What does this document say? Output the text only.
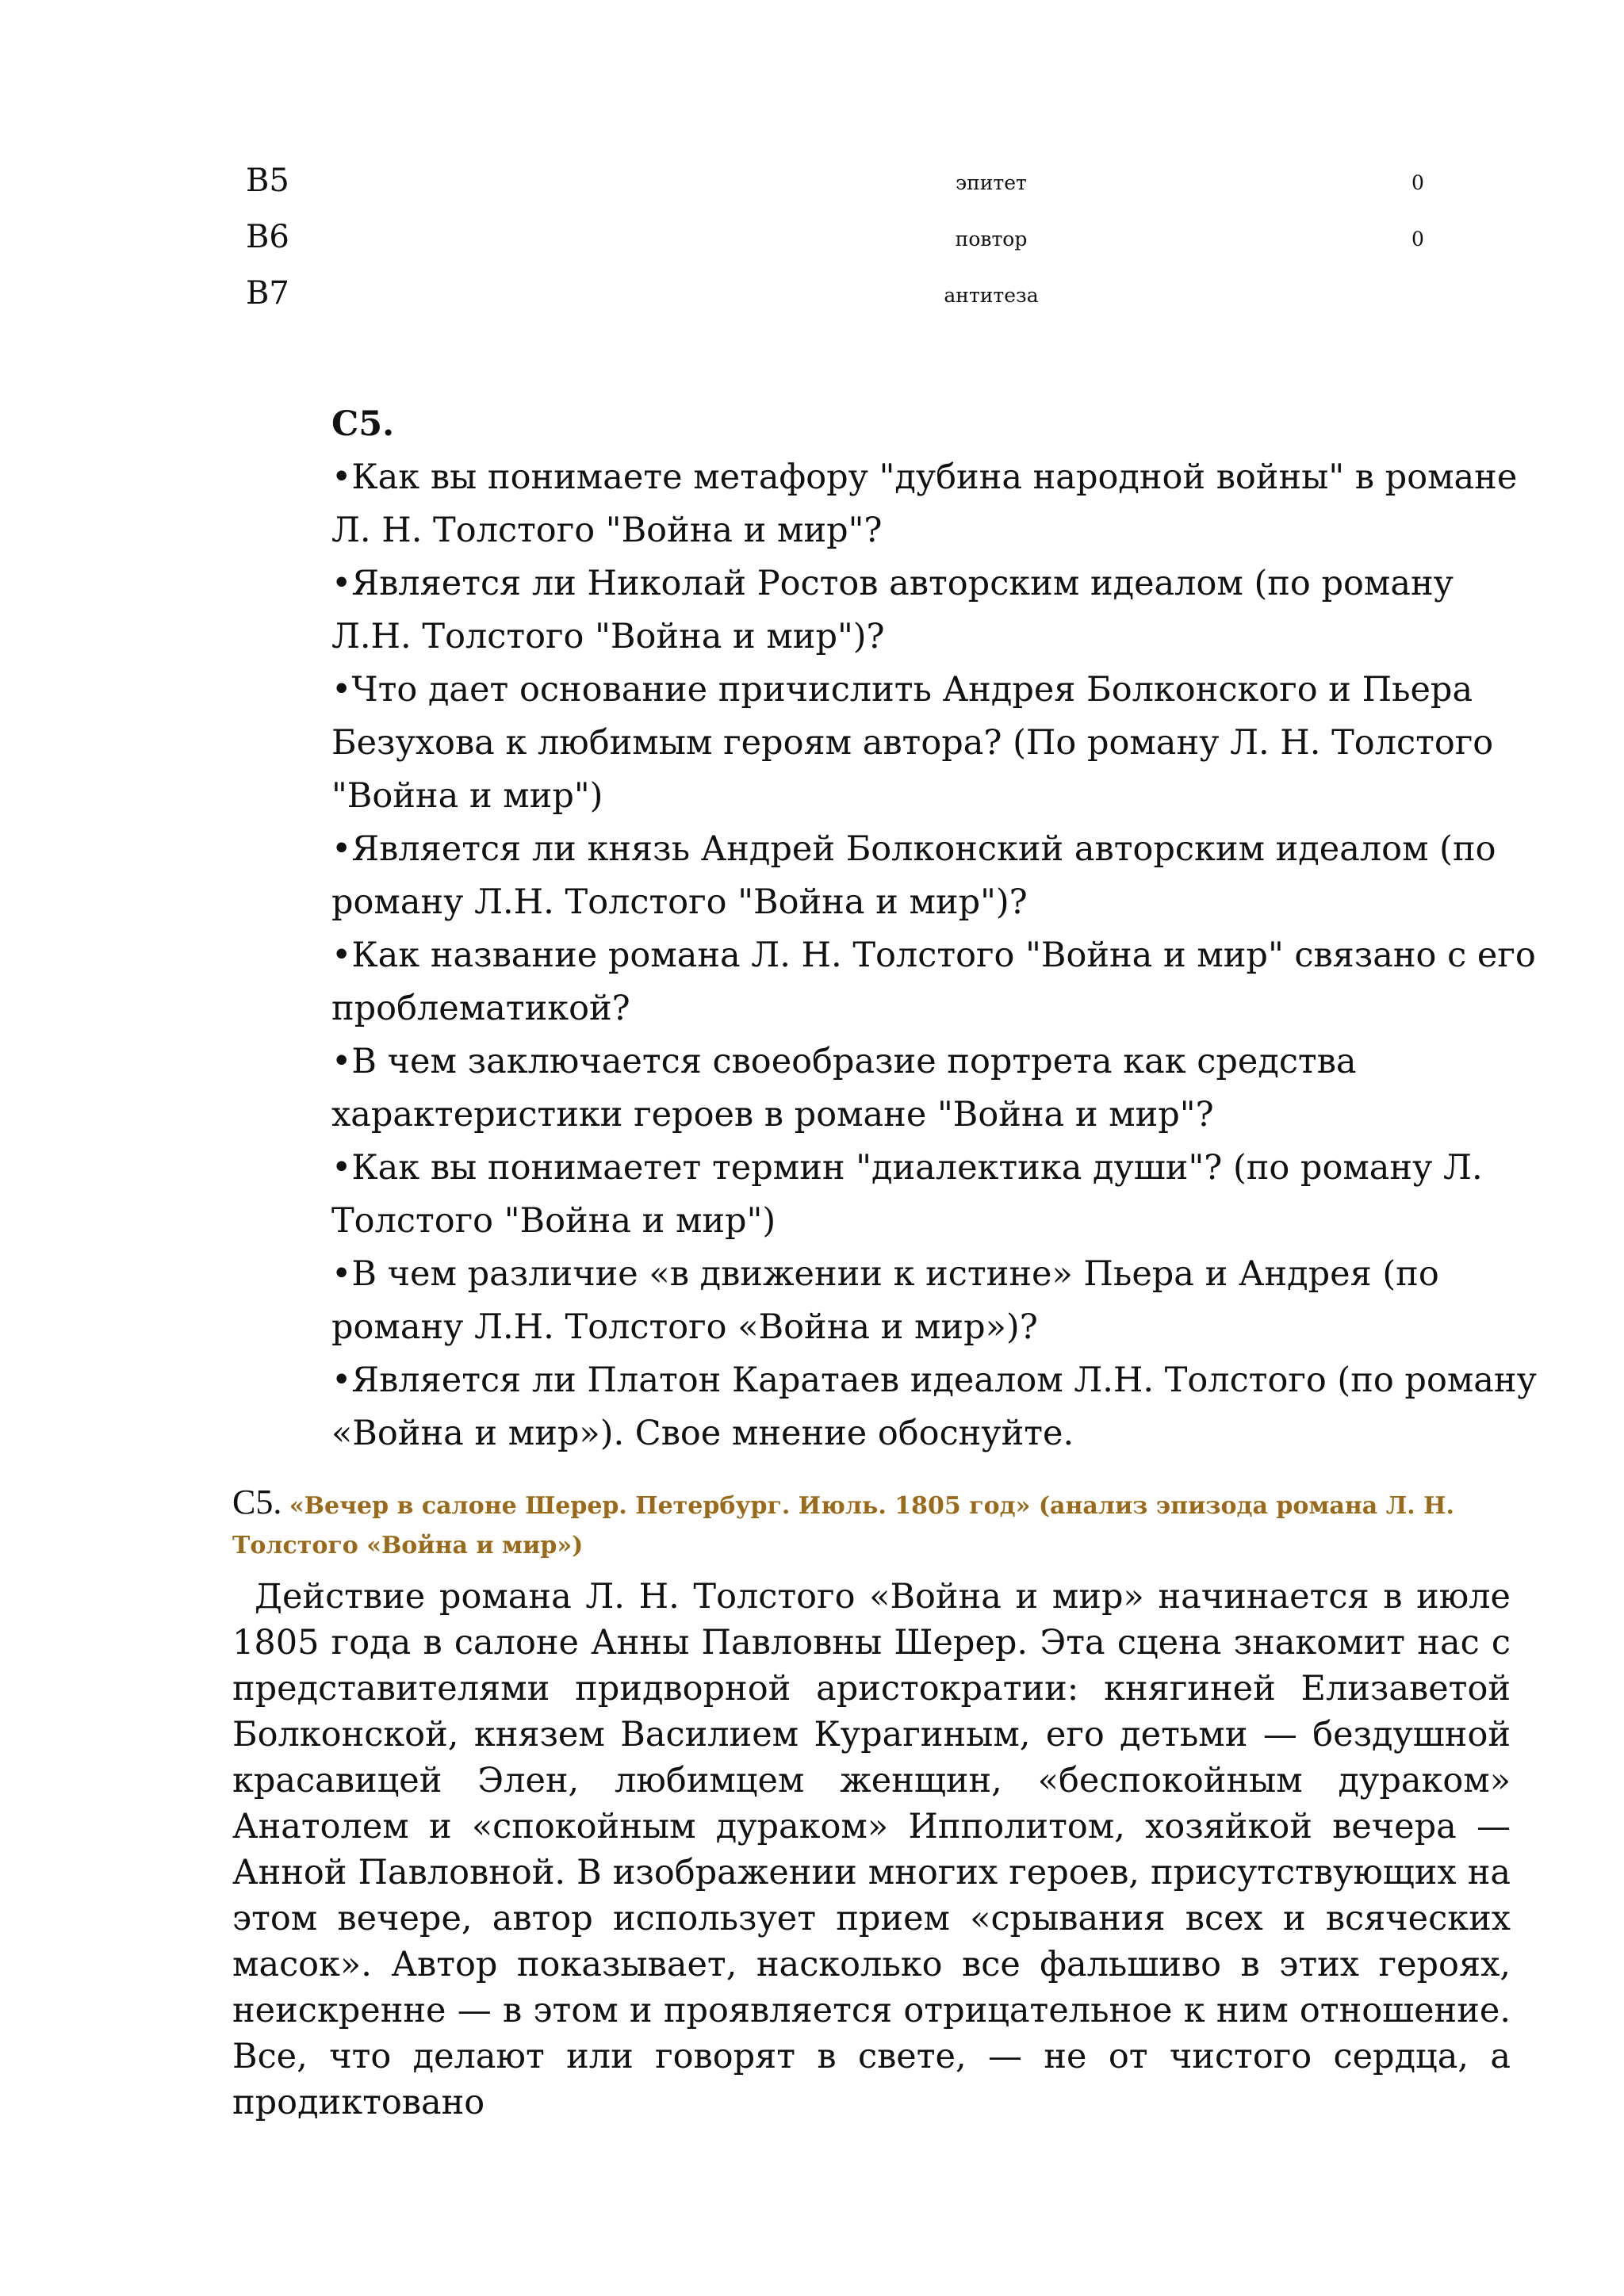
B5	эпитет	0
B6	повтор	0
B7	антитеза

C5.

•Как вы понимаете метафору "дубина народной войны" в романе Л. Н. Толстого "Война и мир"?

•Является ли Николай Ростов авторским идеалом (по роману Л.Н. Толстого "Война и мир")?

•Что дает основание причислить Андрея Болконского и Пьера Безухова к любимым героям автора? (По роману Л. Н. Толстого "Война и мир")

•Является ли князь Андрей Болконский авторским идеалом (по роману Л.Н. Толстого "Война и мир")?

•Как название романа Л. Н. Толстого "Война и мир" связано с его проблематикой?

•В чем заключается своеобразие портрета как средства характеристики героев в романе "Война и мир"?

•Как вы понимаетет термин "диалектика души"? (по роману Л. Толстого "Война и мир")

•В чем различие «в движении к истине» Пьера и Андрея (по роману Л.Н. Толстого «Война и мир»)?

•Является ли Платон Каратаев идеалом Л.Н. Толстого (по роману «Война и мир»). Свое мнение обоснуйте.

С5. «Вечер в салоне Шерер. Петербург. Июль. 1805 год» (анализ эпизода романа Л. Н. Толстого «Война и мир»)

Действие романа Л. Н. Толстого «Война и мир» начинается в июле 1805 года в салоне Анны Павловны Шерер. Эта сцена знакомит нас с представителями придворной аристократии: княгиней Елизаветой Болконской, князем Василием Курагиным, его детьми — бездушной красавицей Элен, любимцем женщин, «беспокойным дураком» Анатолем и «спокойным дураком» Ипполитом, хозяйкой вечера — Анной Павловной. В изображении многих героев, присутствующих на этом вечере, автор использует прием «срывания всех и всяческих масок». Автор показывает, насколько все фальшиво в этих героях, неискренне — в этом и проявляется отрицательное к ним отношение. Все, что делают или говорят в свете, — не от чистого сердца, а продиктовано
